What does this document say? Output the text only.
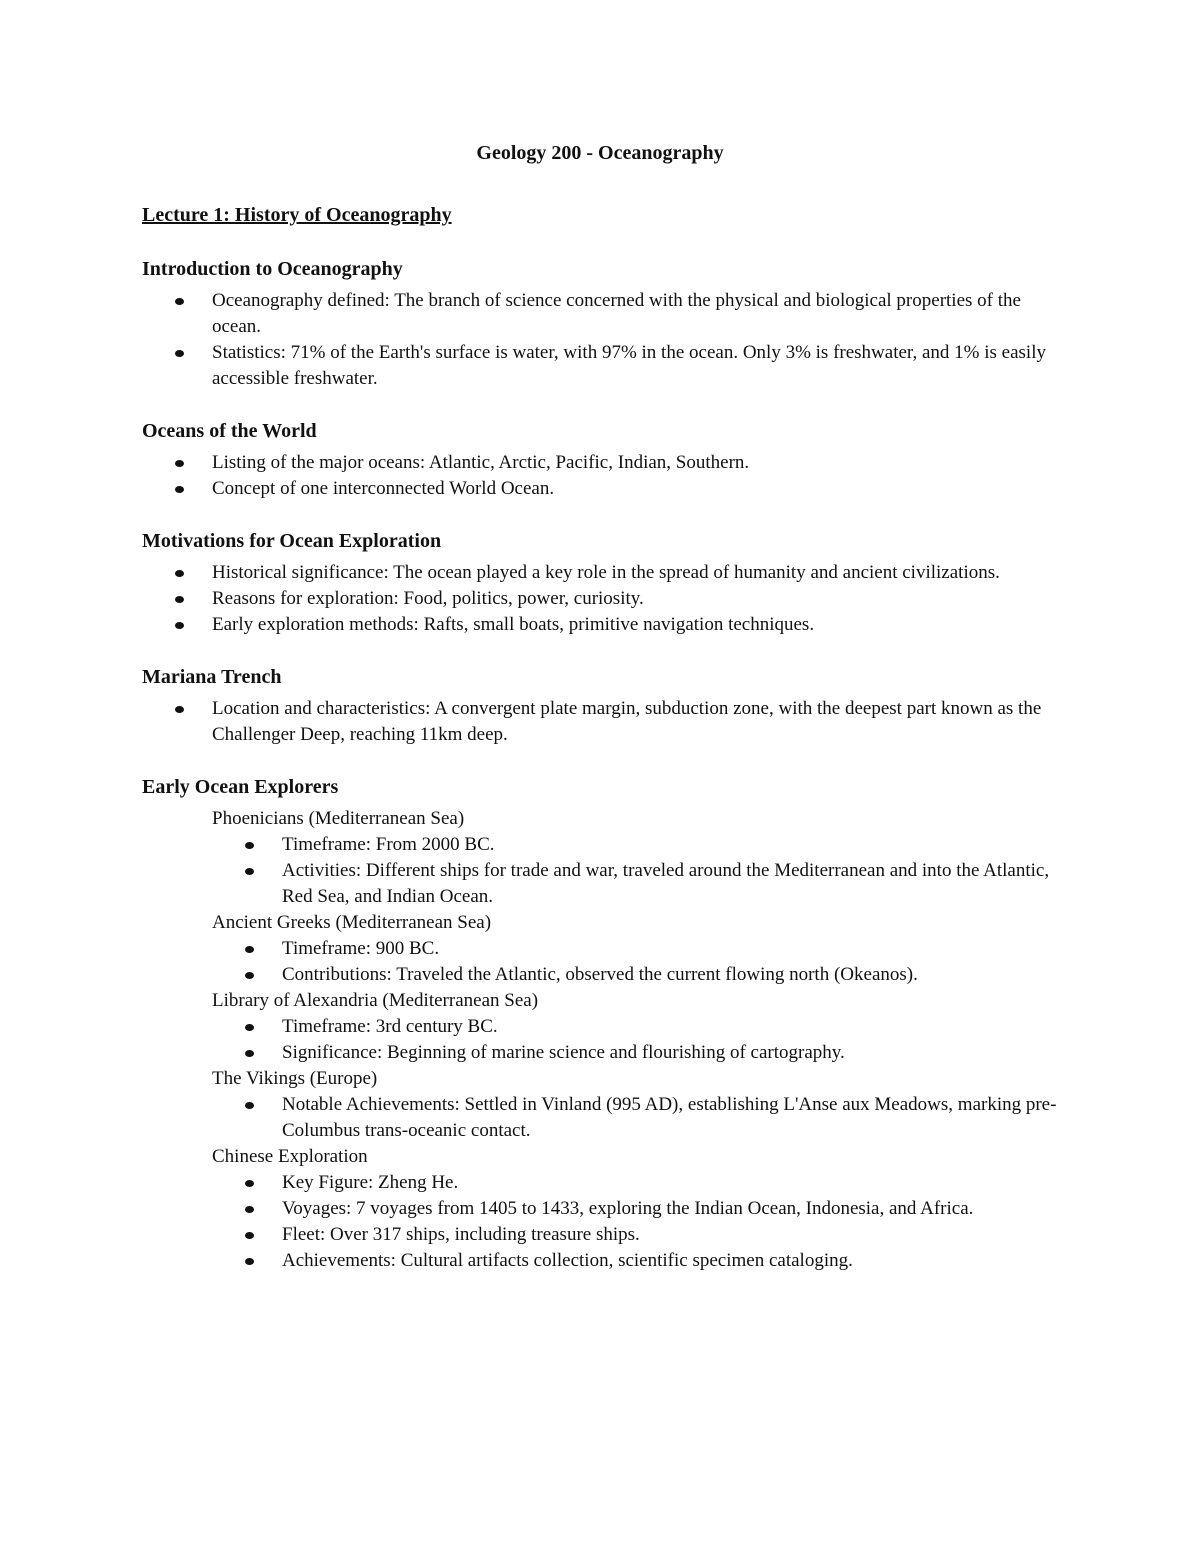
Geology 200 - Oceanography
Lecture 1: History of Oceanography
Introduction to Oceanography
Oceanography defined: The branch of science concerned with the physical and biological properties of the ocean.
Statistics: 71% of the Earth's surface is water, with 97% in the ocean. Only 3% is freshwater, and 1% is easily accessible freshwater.
Oceans of the World
Listing of the major oceans: Atlantic, Arctic, Pacific, Indian, Southern.
Concept of one interconnected World Ocean.
Motivations for Ocean Exploration
Historical significance: The ocean played a key role in the spread of humanity and ancient civilizations.
Reasons for exploration: Food, politics, power, curiosity.
Early exploration methods: Rafts, small boats, primitive navigation techniques.
Mariana Trench
Location and characteristics: A convergent plate margin, subduction zone, with the deepest part known as the Challenger Deep, reaching 11km deep.
Early Ocean Explorers
Phoenicians (Mediterranean Sea)
Timeframe: From 2000 BC.
Activities: Different ships for trade and war, traveled around the Mediterranean and into the Atlantic, Red Sea, and Indian Ocean.
Ancient Greeks (Mediterranean Sea)
Timeframe: 900 BC.
Contributions: Traveled the Atlantic, observed the current flowing north (Okeanos).
Library of Alexandria (Mediterranean Sea)
Timeframe: 3rd century BC.
Significance: Beginning of marine science and flourishing of cartography.
The Vikings (Europe)
Notable Achievements: Settled in Vinland (995 AD), establishing L'Anse aux Meadows, marking pre-Columbus trans-oceanic contact.
Chinese Exploration
Key Figure: Zheng He.
Voyages: 7 voyages from 1405 to 1433, exploring the Indian Ocean, Indonesia, and Africa.
Fleet: Over 317 ships, including treasure ships.
Achievements: Cultural artifacts collection, scientific specimen cataloging.
